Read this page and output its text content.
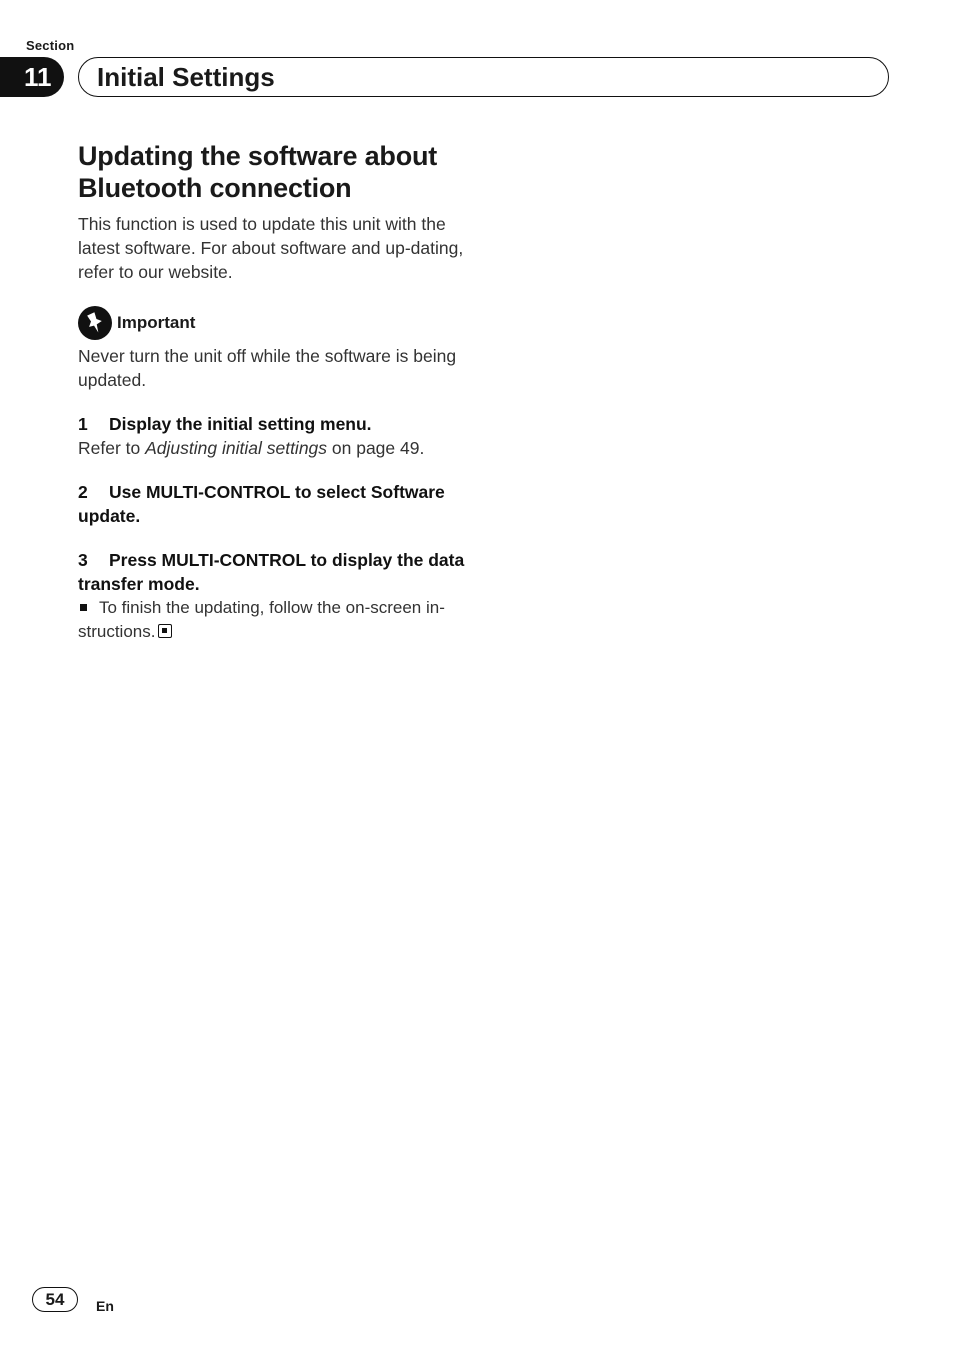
Section
11 Initial Settings
Updating the software about
Bluetooth connection

This function is used to update this unit with the latest software. For about software and up-dating, refer to our website.

Important

Never turn the unit off while the software is being updated.

1 Display the initial setting menu.

Refer to Adjusting initial settings on page 49.

2 Use MULTI-CONTROL to select Software update.
3 Press MULTI-CONTROL to display the data transfer mode.

To finish the updating, follow the on-screen in-structions.

54 En
